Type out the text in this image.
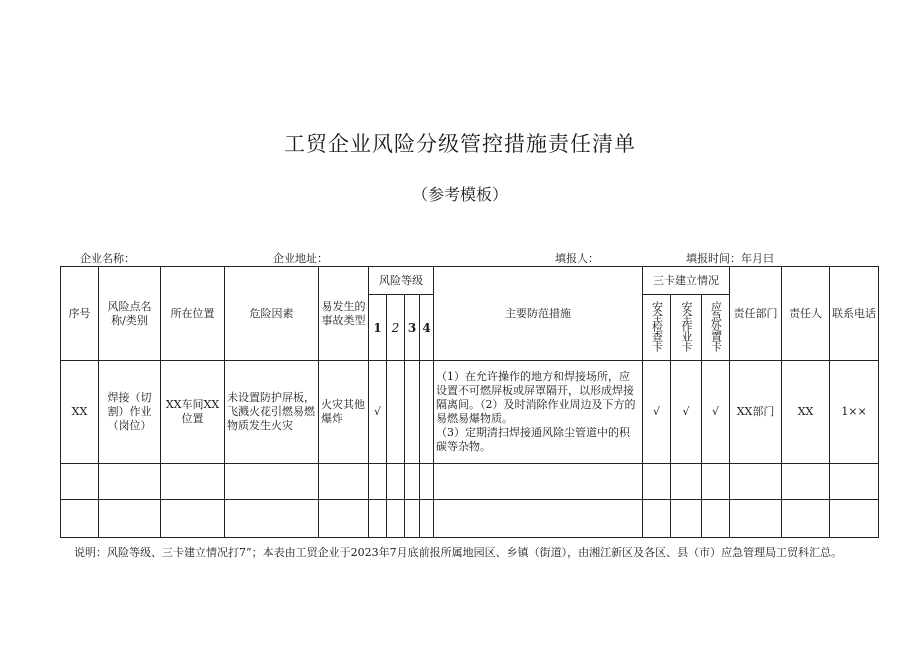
工贸企业风险分级管控措施责任清单
（参考模板）
企业名称：	企业地址：	填报人：	填报时间：年月曰
序号	风险点名称/类别	所在位置	危险因素	易发生的事故类型	风险等级				主要防范措施	三卡建立情况			责任部门	责任人	联系电话
					1	2	3	4		安全检查卡	安全作业卡	应急处置卡			
XX	焊接（切割）作业（岗位）	XX车间XX位置	未设置防护屏板，飞溅火花引燃易燃物质发生火灾	火灾其他爆炸	√				（1）在允许操作的地方和焊接场所，应设置不可燃屏板或屏罩隔开，以形成焊接隔离间。（2）及时消除作业周边及下方的易燃易爆物质。
（3）定期清扫焊接通风除尘管道中的积碳等杂物。	√	√	√	XX部门	XX	1××

说明：风险等级、三卡建立情况打7”；本表由工贸企业于2023年7月底前报所属地园区、乡镇（街道），由湘江新区及各区、县（市）应急管理局工贸科汇总。
